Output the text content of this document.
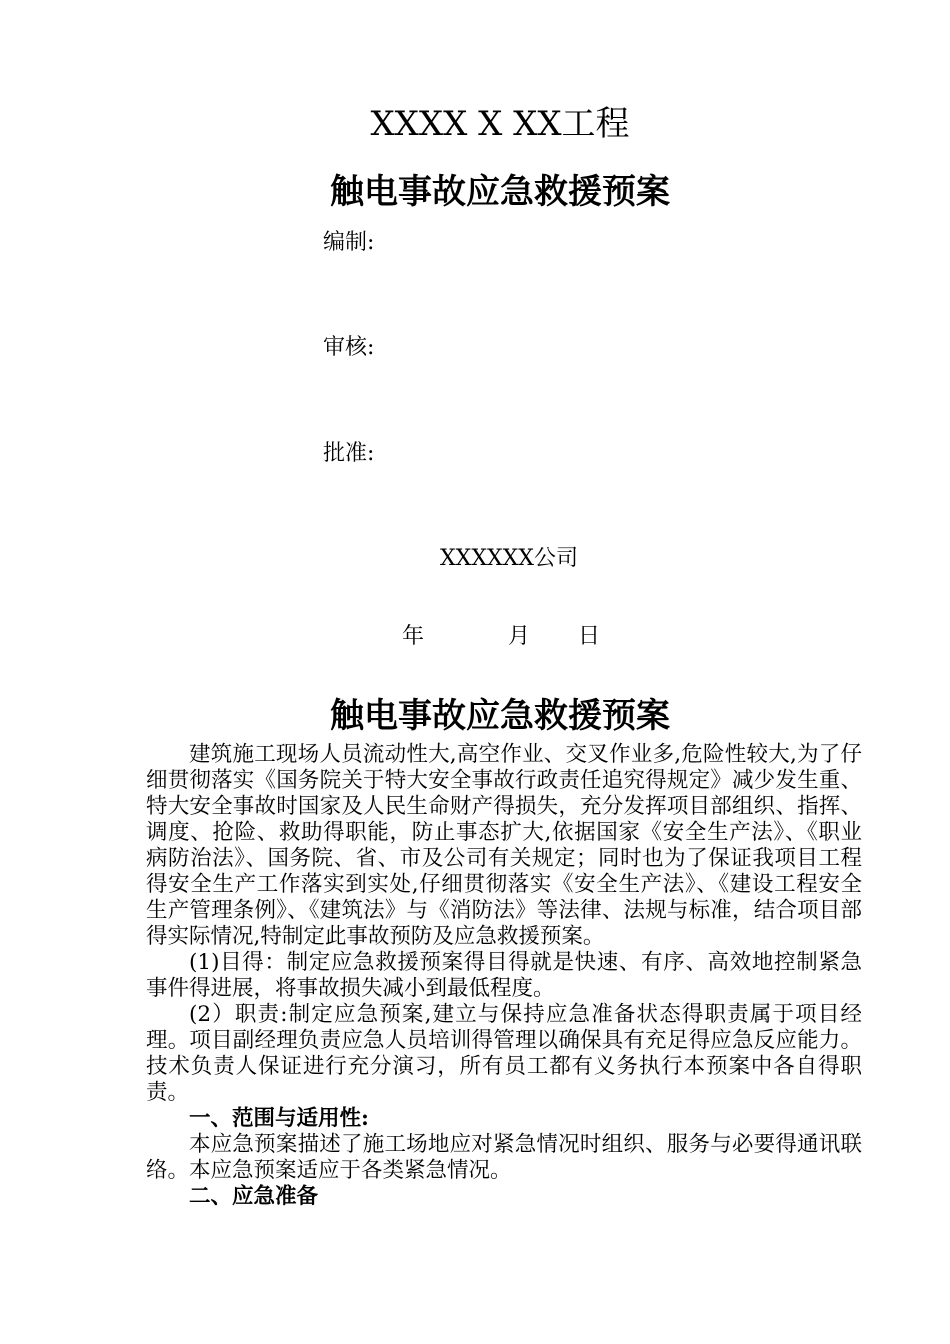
XXXX X XX工程
触电事故应急救援预案
编制:
审核:
批准:
XXXXXX公司
年	月 日
触电事故应急救援预案

建筑施工现场人员流动性大,高空作业、交叉作业多,危险性较大,为了仔细贯彻落实《国务院关于特大安全事故行政责任追究得规定》减少发生重、特大安全事故时国家及人民生命财产得损失，充分发挥项目部组织、指挥、调度、抢险、救助得职能，防止事态扩大,依据国家《安全生产法》、《职业病防治法》、国务院、省、市及公司有关规定；同时也为了保证我项目工程得安全生产工作落实到实处,仔细贯彻落实《安全生产法》、《建设工程安全生产管理条例》、《建筑法》与《消防法》等法律、法规与标准，结合项目部得实际情况,特制定此事故预防及应急救援预案。

(1)目得：制定应急救援预案得目得就是快速、有序、高效地控制紧急事件得进展，将事故损失减小到最低程度。

(2）职责:制定应急预案,建立与保持应急准备状态得职责属于项目经理。项目副经理负责应急人员培训得管理以确保具有充足得应急反应能力。技术负责人保证进行充分演习，所有员工都有义务执行本预案中各自得职责。

一、范围与适用性:

本应急预案描述了施工场地应对紧急情况时组织、服务与必要得通讯联络。本应急预案适应于各类紧急情况。

二、应急准备
